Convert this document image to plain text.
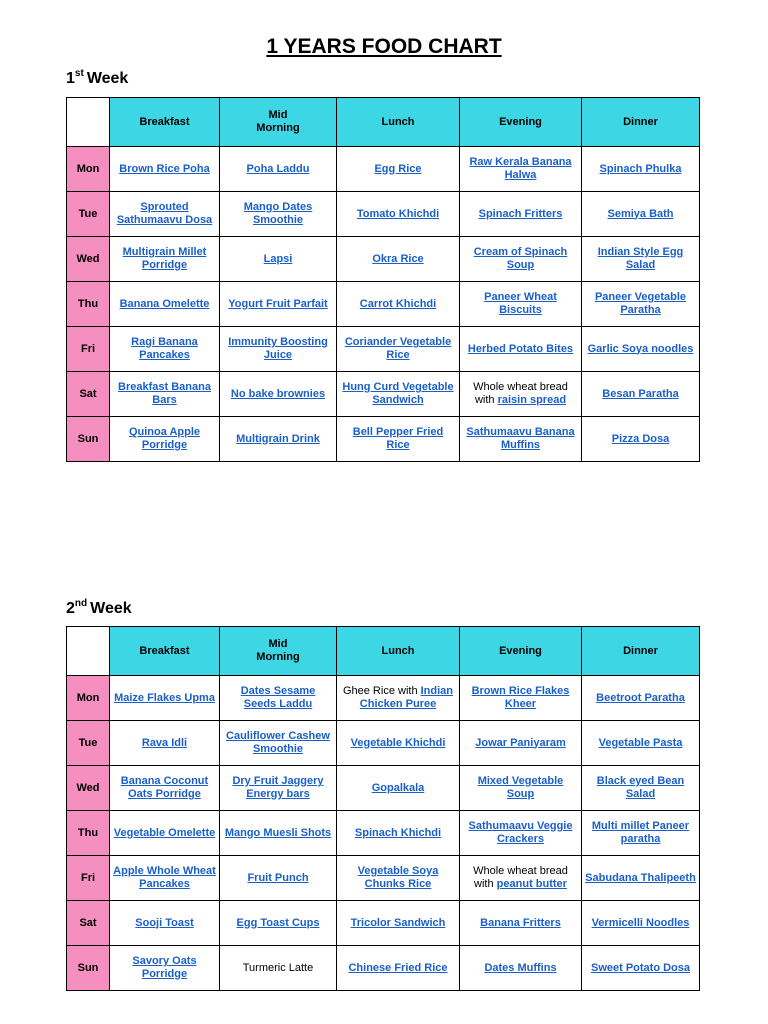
1 YEARS FOOD CHART
1st Week
	Breakfast	Mid Morning	Lunch	Evening	Dinner
Mon	Brown Rice Poha	Poha Laddu	Egg Rice	Raw Kerala Banana Halwa	Spinach Phulka
Tue	Sprouted Sathumaavu Dosa	Mango Dates Smoothie	Tomato Khichdi	Spinach Fritters	Semiya Bath
Wed	Multigrain Millet Porridge	Lapsi	Okra Rice	Cream of Spinach Soup	Indian Style Egg Salad
Thu	Banana Omelette	Yogurt Fruit Parfait	Carrot Khichdi	Paneer Wheat Biscuits	Paneer Vegetable Paratha
Fri	Ragi Banana Pancakes	Immunity Boosting Juice	Coriander Vegetable Rice	Herbed Potato Bites	Garlic Soya noodles
Sat	Breakfast Banana Bars	No bake brownies	Hung Curd Vegetable Sandwich	Whole wheat bread with raisin spread	Besan Paratha
Sun	Quinoa Apple Porridge	Multigrain Drink	Bell Pepper Fried Rice	Sathumaavu Banana Muffins	Pizza Dosa
2nd Week
	Breakfast	Mid Morning	Lunch	Evening	Dinner
Mon	Maize Flakes Upma	Dates Sesame Seeds Laddu	Ghee Rice with Indian Chicken Puree	Brown Rice Flakes Kheer	Beetroot Paratha
Tue	Rava Idli	Cauliflower Cashew Smoothie	Vegetable Khichdi	Jowar Paniyaram	Vegetable Pasta
Wed	Banana Coconut Oats Porridge	Dry Fruit Jaggery Energy bars	Gopalkala	Mixed Vegetable Soup	Black eyed Bean Salad
Thu	Vegetable Omelette	Mango Muesli Shots	Spinach Khichdi	Sathumaavu Veggie Crackers	Multi millet Paneer paratha
Fri	Apple Whole Wheat Pancakes	Fruit Punch	Vegetable Soya Chunks Rice	Whole wheat bread with peanut butter	Sabudana Thalipeeth
Sat	Sooji Toast	Egg Toast Cups	Tricolor Sandwich	Banana Fritters	Vermicelli Noodles
Sun	Savory Oats Porridge	Turmeric Latte	Chinese Fried Rice	Dates Muffins	Sweet Potato Dosa
